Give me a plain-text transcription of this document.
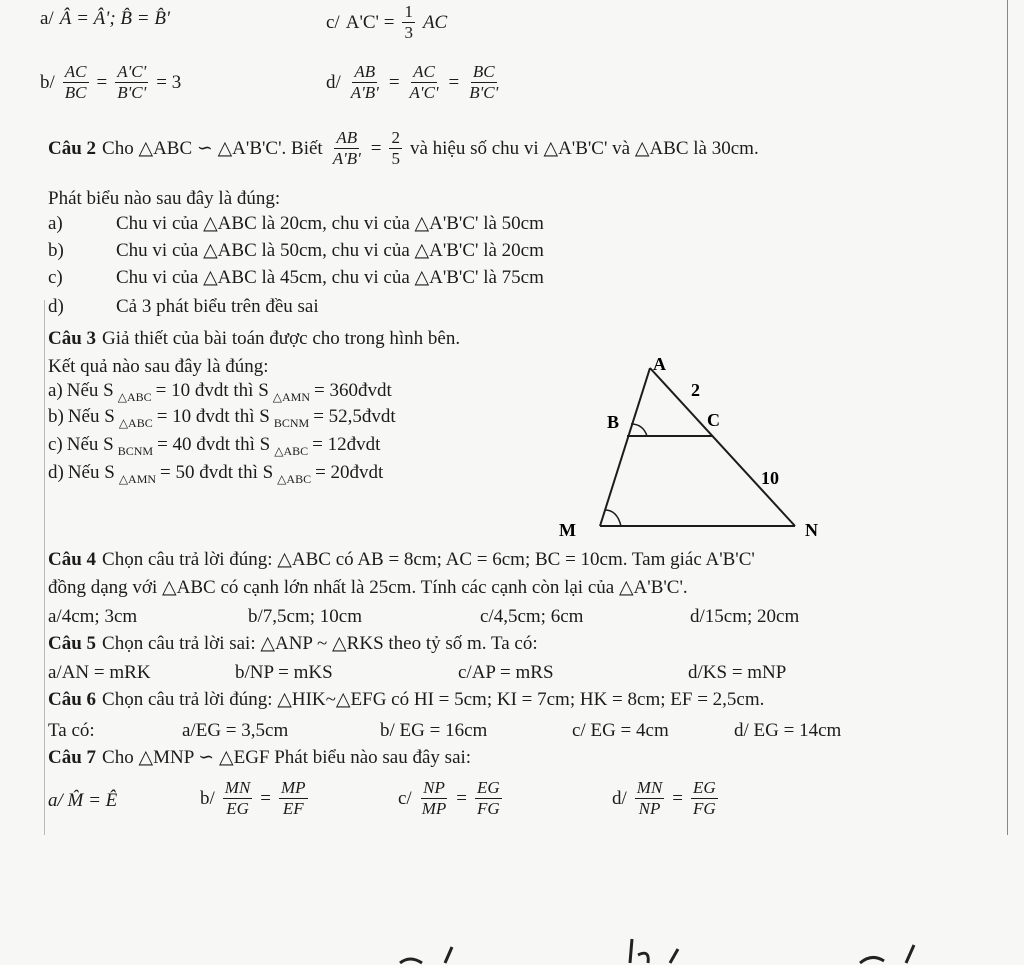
a/ Â = Â'; B̂ = B̂'	c/ $A'C' = \frac{1}{3}$ AC
$b/ \frac{AC}{BC} = \frac{A'C'}{B'C'} = 3$	$d/ \frac{AB}{A'B'} = \frac{AC}{A'C'} = \frac{BC}{B'C'}$
Câu 2 Cho △ABC ∽ △A'B'C'. Biết $\frac{AB}{A'B'} = \frac{2}{5}$ và hiệu số chu vi △A'B'C' và △ABC là 30cm.
Phát biểu nào sau đây là đúng:
a)	Chu vi của △ABC là 20cm, chu vi của △A'B'C' là 50cm
b)	Chu vi của △ABC là 50cm, chu vi của △A'B'C' là 20cm
c)	Chu vi của △ABC là 45cm, chu vi của △A'B'C' là 75cm
d)	Cả 3 phát biểu trên đều sai
Câu 3 Giả thiết của bài toán được cho trong hình bên.
Kết quả nào sau đây là đúng:
a) Nếu S △ABC = 10 đvdt thì S △AMN = 360đvdt
b) Nếu S △ABC = 10 đvdt thì S BCNM = 52,5đvdt
c) Nếu S BCNM = 40 đvdt thì S △ABC = 12đvdt
d) Nếu S △AMN = 50 đvdt thì S △ABC = 20đvdt
A
B	C
M	N
2
10
Câu 4 Chọn câu trả lời đúng: △ABC có AB = 8cm; AC = 6cm; BC = 10cm. Tam giác A'B'C'
đồng dạng với △ABC có cạnh lớn nhất là 25cm. Tính các cạnh còn lại của △A'B'C'.
a/4cm; 3cm	b/7,5cm; 10cm	c/4,5cm; 6cm	d/15cm; 20cm
Câu 5 Chọn câu trả lời sai: △ANP ~ △RKS theo tỷ số m. Ta có:
a/AN = mRK	b/NP = mKS	c/AP = mRS	d/KS = mNP
Câu 6 Chọn câu trả lời đúng: △HIK~△EFG có HI = 5cm; KI = 7cm; HK = 8cm; EF = 2,5cm.
Ta có:	a/EG = 3,5cm	b/ EG = 16cm	c/ EG = 4cm	d/ EG = 14cm
Câu 7 Cho △MNP ∽ △EGF Phát biểu nào sau đây sai:
a/ M̂ = Ê	$b/ \frac{MN}{EG} = \frac{MP}{EF}$	$c/ \frac{NP}{MP} = \frac{EG}{FG}$	$d/ \frac{MN}{NP} = \frac{EG}{FG}$
